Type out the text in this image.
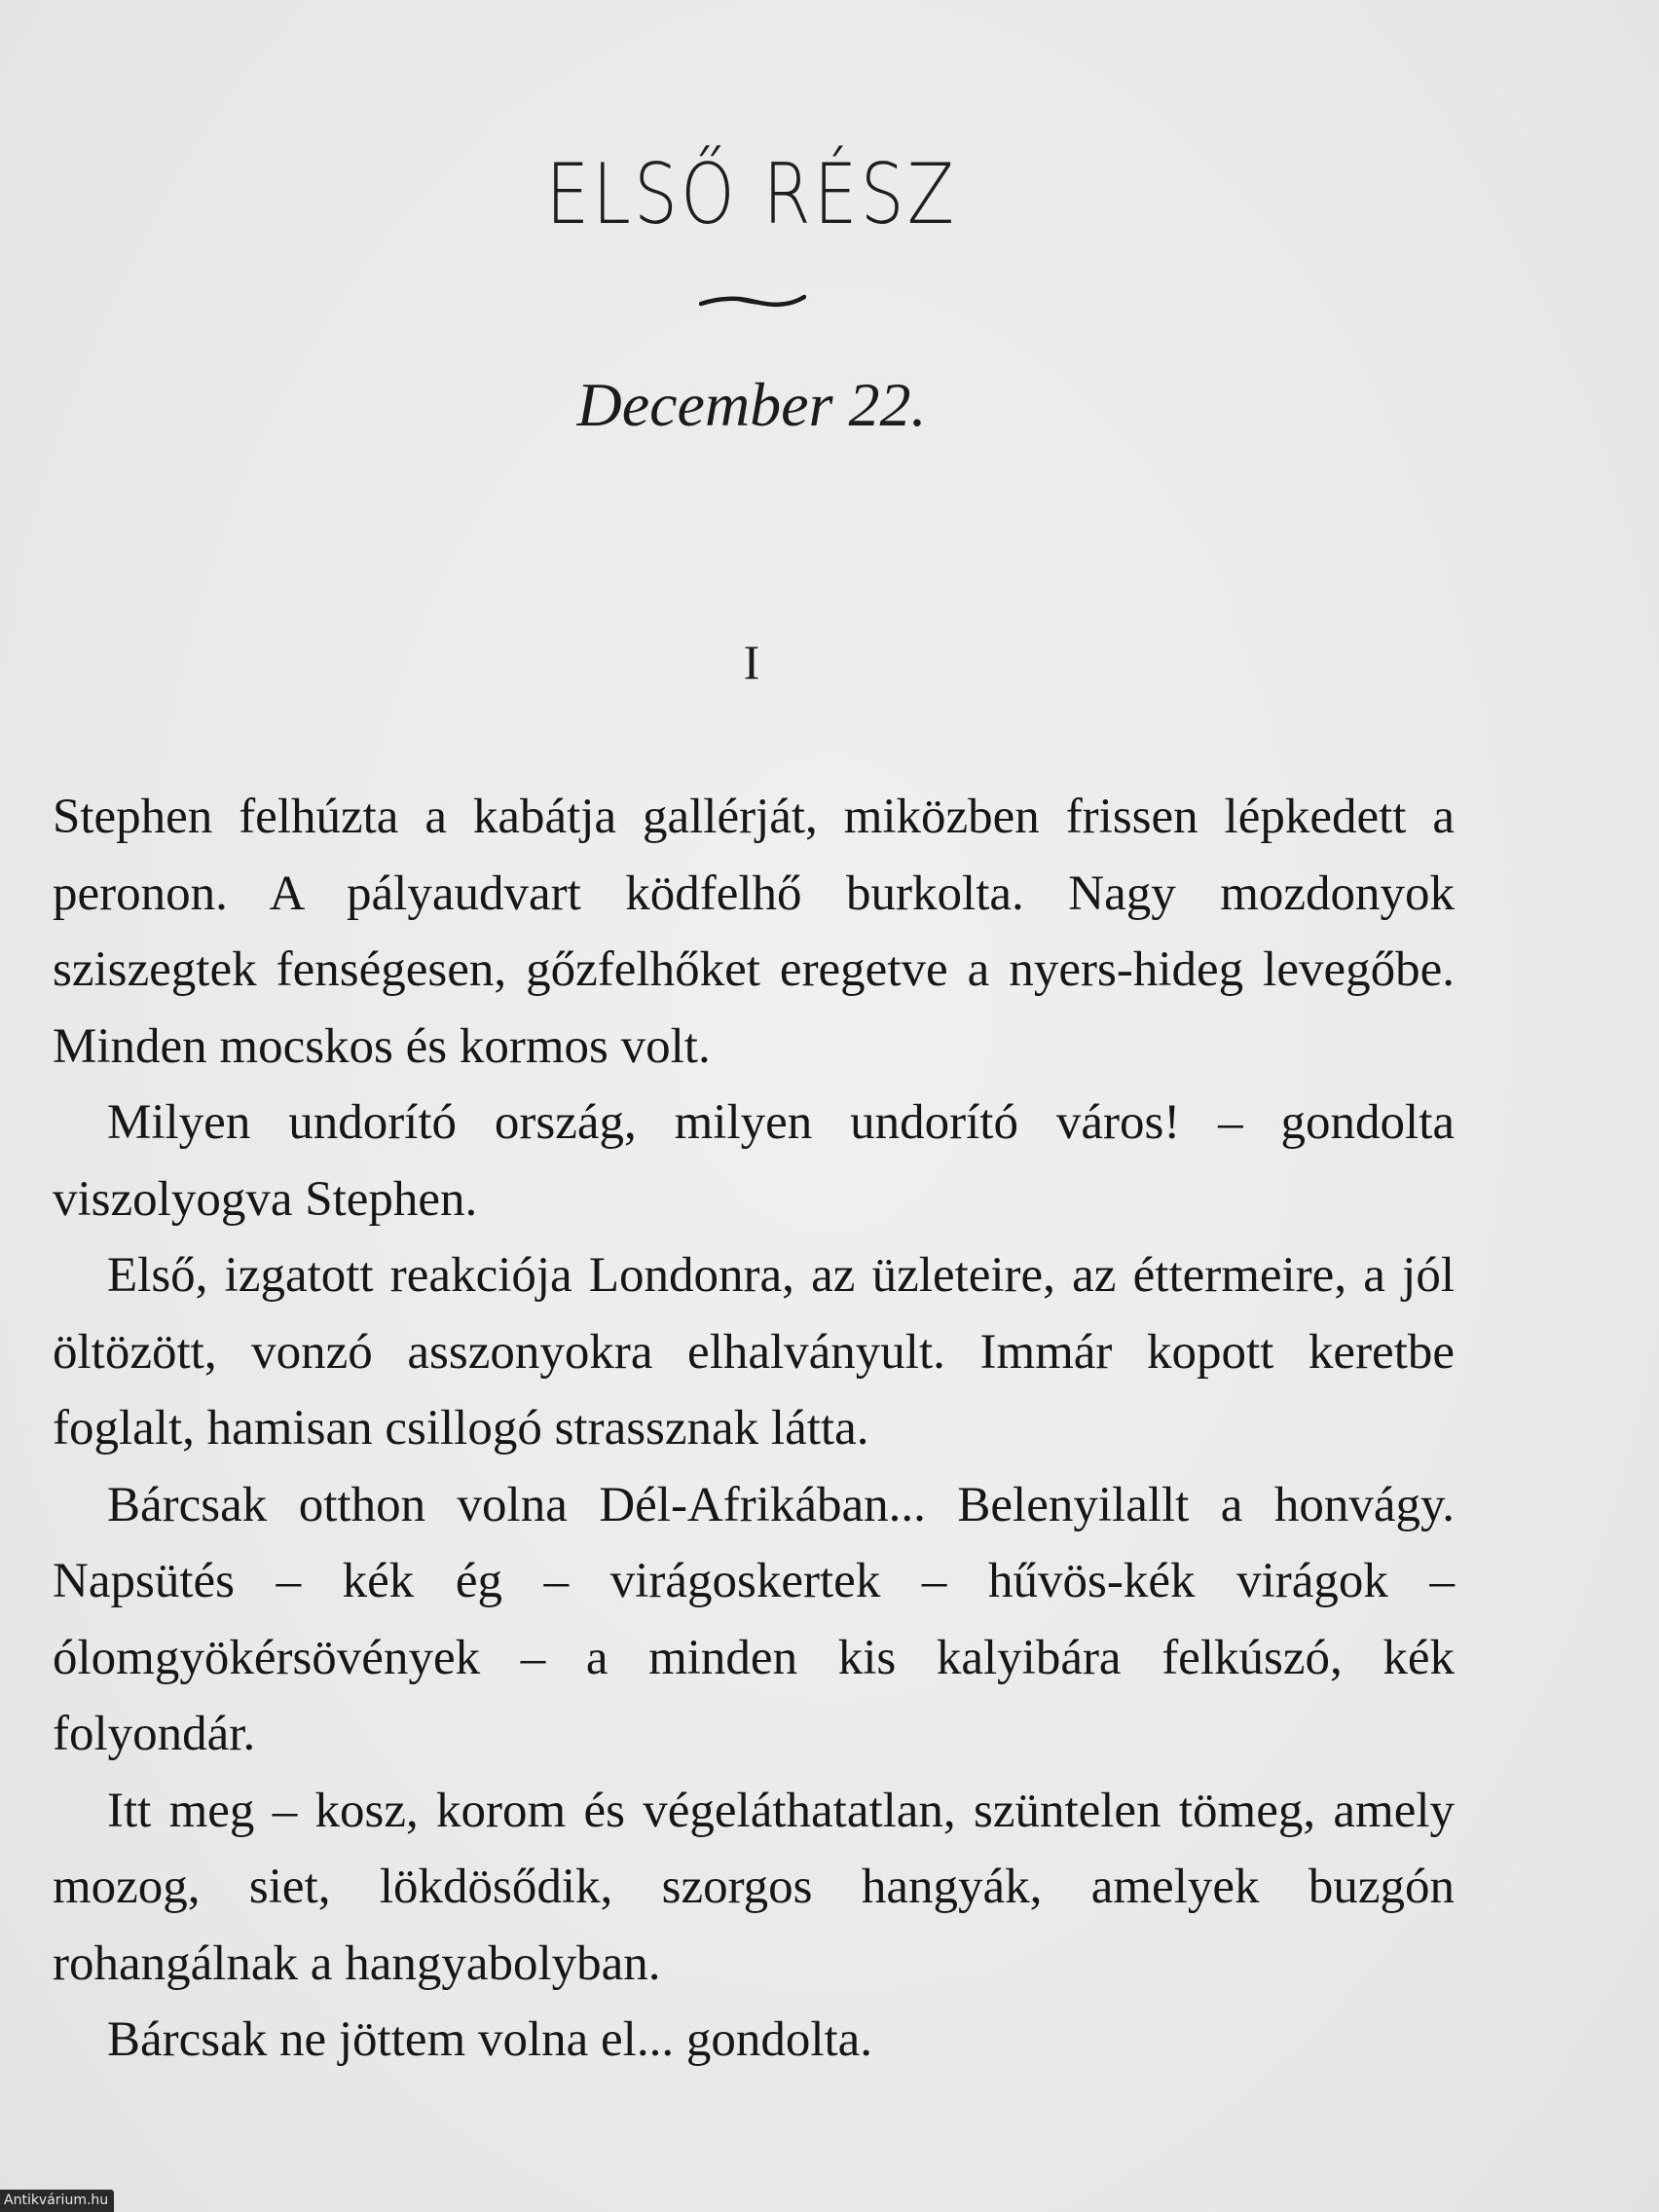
ELSŐ RÉSZ
December 22.
I

Stephen felhúzta a kabátja gallérját, miközben frissen lépkedett a peronon. A pályaudvart ködfelhő burkolta. Nagy mozdonyok sziszegtek fenségesen, gőzfelhőket eregetve a nyers-hideg levegőbe. Minden mocskos és kormos volt.

Milyen undorító ország, milyen undorító város! – gondolta viszolyogva Stephen.

Első, izgatott reakciója Londonra, az üzleteire, az éttermeire, a jól öltözött, vonzó asszonyokra elhalványult. Immár kopott keretbe foglalt, hamisan csillogó strassznak látta.

Bárcsak otthon volna Dél-Afrikában... Belenyilallt a honvágy. Napsütés – kék ég – virágoskertek – hűvös-kék virágok – ólomgyökérsövények – a minden kis kalyibára felkúszó, kék folyondár.

Itt meg – kosz, korom és végeláthatatlan, szüntelen tömeg, amely mozog, siet, lökdösődik, szorgos hangyák, amelyek buzgón rohangálnak a hangyabolyban.

Bárcsak ne jöttem volna el... gondolta.

Antikvárium.hu
